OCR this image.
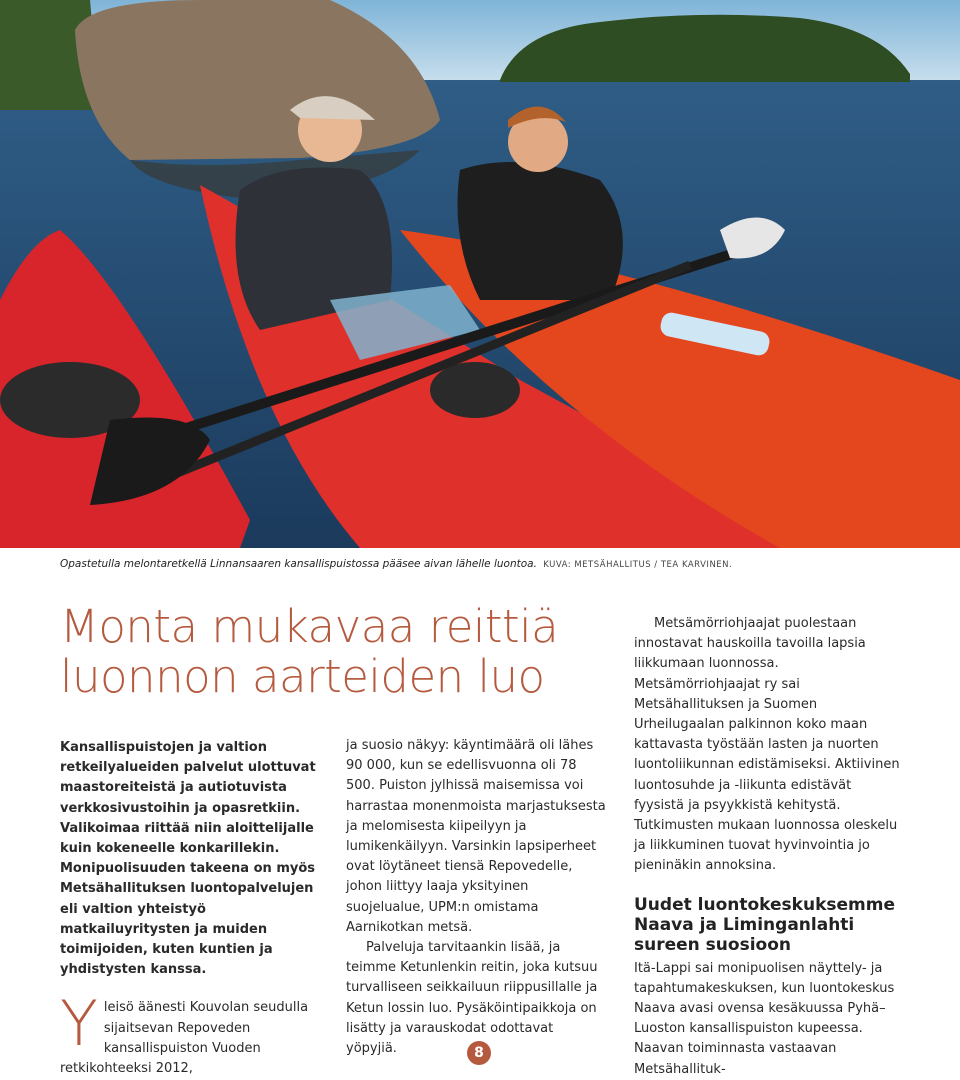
Opastetulla melontaretkellä Linnansaaren kansallispuistossa pääsee aivan lähelle luontoa. KUVA: METSÄHALLITUS / TEA KARVINEN.
Monta mukavaa reittiä
luonnon aarteiden luo

Kansallispuistojen ja valtion retkeilyalueiden palvelut ulottuvat maastoreiteistä ja autiotuvista verkkosivustoihin ja opasretkiin. Valikoimaa riittää niin aloittelijalle kuin kokeneelle konkarillekin. Monipuolisuuden takeena on myös Metsähallituksen luontopalvelujen eli valtion yhteistyö matkailuyritysten ja muiden toimijoiden, kuten kuntien ja yhdistysten kanssa.

Y leisö äänesti Kouvolan seudulla sijaitsevan Repoveden kansallispuiston Vuoden retkikohteeksi 2012,

ja suosio näkyy: käyntimäärä oli lähes 90 000, kun se edellisvuonna oli 78 500. Puiston jylhissä maisemissa voi harrastaa monenmoista marjastuksesta ja melomisesta kiipeilyyn ja lumikenkäilyyn. Varsinkin lapsiperheet ovat löytäneet tiensä Repovedelle, johon liittyy laaja yksityinen suojelualue, UPM:n omistama Aarnikotkan metsä.

Palveluja tarvitaankin lisää, ja teimme Ketunlenkin reitin, joka kutsuu turvalliseen seikkailuun riippusillalle ja Ketun lossin luo. Pysäköintipaikkoja on lisätty ja varauskodat odottavat yöpyjiä.

Metsämörriohjaajat puolestaan innostavat hauskoilla tavoilla lapsia liikkumaan luonnossa. Metsämörriohjaajat ry sai Metsähallituksen ja Suomen Urheilugaalan palkinnon koko maan kattavasta työstään lasten ja nuorten luontoliikunnan edistämiseksi. Aktiivinen luontosuhde ja -liikunta edistävät fyysistä ja psyykkistä kehitystä. Tutkimusten mukaan luonnossa oleskelu ja liikkuminen tuovat hyvinvointia jo pieninäkin annoksina.

Uudet luontokeskuksemme Naava ja Liminganlahti sureen suosioon

Itä-Lappi sai monipuolisen näyttely- ja tapahtumakeskuksen, kun luontokeskus Naava avasi ovensa kesäkuussa Pyhä–Luoston kansallispuiston kupeessa. Naavan toiminnasta vastaavan Metsähallituk-

8
